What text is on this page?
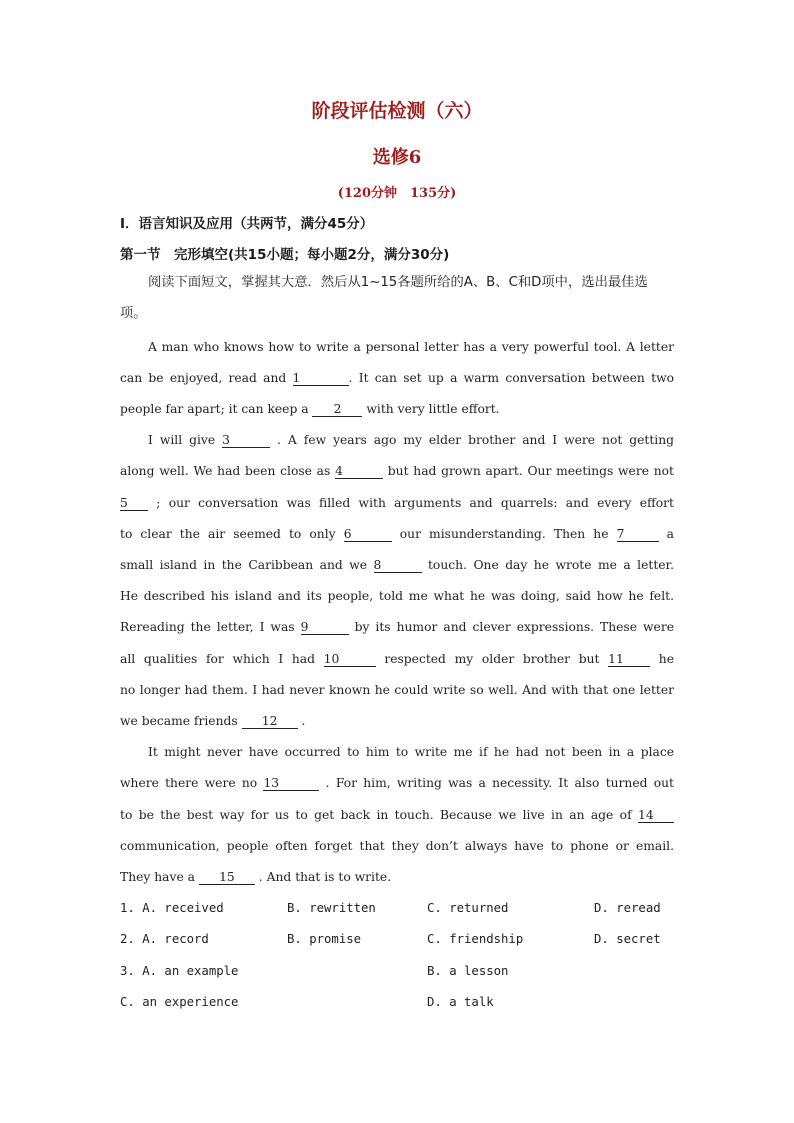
阶段评估检测（六）
选修6
(120分钟　135分)
Ⅰ．语言知识及应用（共两节，满分45分）
第一节　完形填空(共15小题；每小题2分，满分30分)
阅读下面短文，掌握其大意．然后从1~15各题所给的A、B、C和D项中，选出最佳选
项。
A man who knows how to write a personal letter has a very powerful tool. A letter
can be enjoyed, read and 1	. It can set up a warm conversation between two
people far apart; it can keep a 2 with very little effort.
I will give 3	. A few years ago my elder brother and I were not getting
along well. We had been close as 4	but had grown apart. Our meetings were not
5 ; our conversation was filled with arguments and quarrels: and every effort
to clear the air seemed to only 6	our misunderstanding. Then he 7	a
small island in the Caribbean and we 8	touch. One day he wrote me a letter.
He described his island and its people, told me what he was doing, said how he felt.
Rereading the letter, I was 9	by its humor and clever expressions. These were
all qualities for which I had 10	respected my older brother but 11 he
no longer had them. I had never known he could write so well. And with that one letter
we became friends 12 .
It might never have occurred to him to write me if he had not been in a place
where there were no 13	. For him, writing was a necessity. It also turned out
to be the best way for us to get back in touch. Because we live in an age of 14
communication, people often forget that they don’t always have to phone or email.
They have a 15 . And that is to write.
1. A. received	B. rewritten	C. returned	D. reread
2. A. record	B. promise	C. friendship	D. secret
3. A. an example	B. a lesson
C. an experience	D. a talk
